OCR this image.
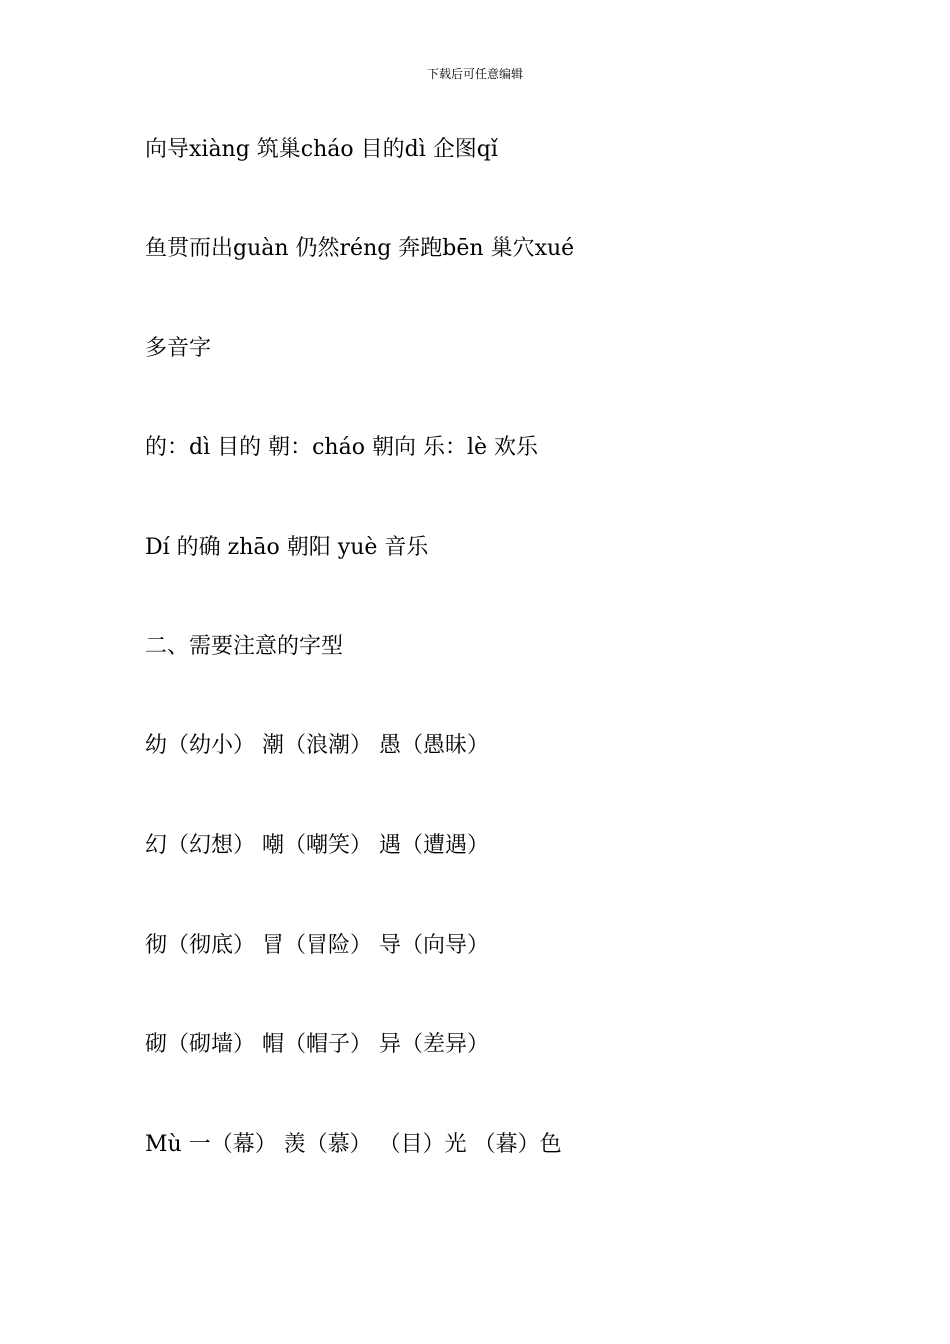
下载后可任意编辑
向导xiàng 筑巢cháo 目的dì 企图qǐ
鱼贯而出guàn 仍然réng 奔跑bēn 巢穴xué
多音字
的：dì 目的 朝：cháo 朝向 乐：lè 欢乐
Dí 的确 zhāo 朝阳 yuè 音乐
二、需要注意的字型
幼（幼小） 潮（浪潮） 愚（愚昧）
幻（幻想） 嘲（嘲笑） 遇（遭遇）
彻（彻底） 冒（冒险） 导（向导）
砌（砌墙） 帽（帽子） 异（差异）
Mù 一（幕） 羡（慕） （目）光 （暮）色
